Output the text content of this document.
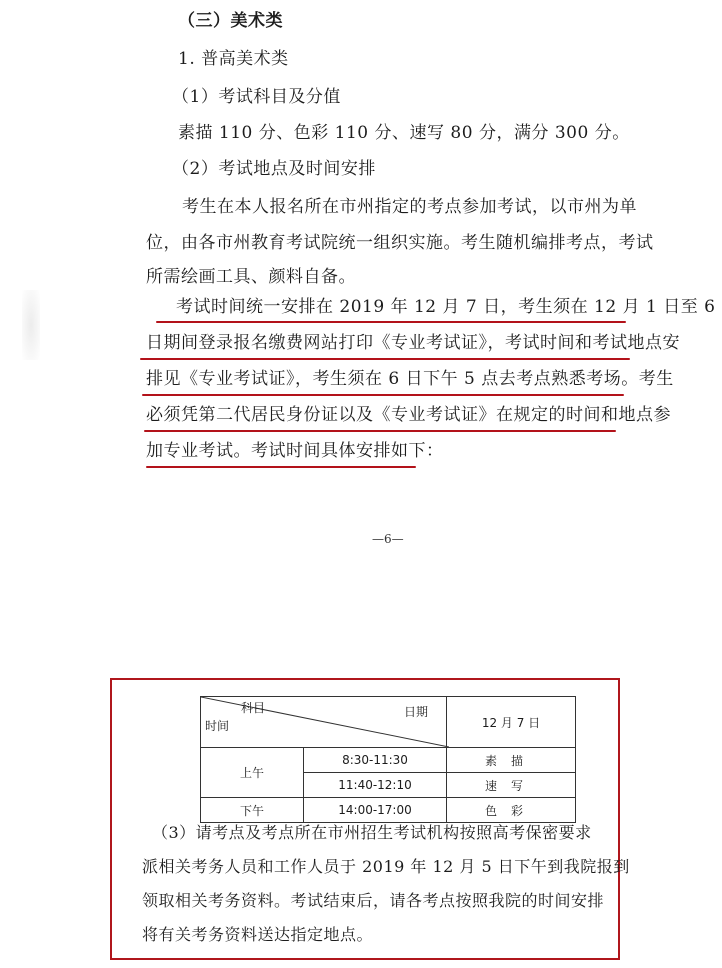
（三）美术类
1. 普高美术类
（1）考试科目及分值
素描 110 分、色彩 110 分、速写 80 分，满分 300 分。
（2）考试地点及时间安排
考生在本人报名所在市州指定的考点参加考试，以市州为单
位，由各市州教育考试院统一组织实施。考生随机编排考点，考试
所需绘画工具、颜料自备。
考试时间统一安排在 2019 年 12 月 7 日，考生须在 12 月 1 日至 6
日期间登录报名缴费网站打印《专业考试证》，考试时间和考试地点安
排见《专业考试证》，考生须在 6 日下午 5 点去考点熟悉考场。考生
必须凭第二代居民身份证以及《专业考试证》在规定的时间和地点参
加专业考试。考试时间具体安排如下：
—6—
科目 日期
时间		12 月 7 日
上午	8:30-11:30	素描
	11:40-12:10	速写
下午	14:00-17:00	色彩
（3）请考点及考点所在市州招生考试机构按照高考保密要求
派相关考务人员和工作人员于 2019 年 12 月 5 日下午到我院报到
领取相关考务资料。考试结束后，请各考点按照我院的时间安排
将有关考务资料送达指定地点。
